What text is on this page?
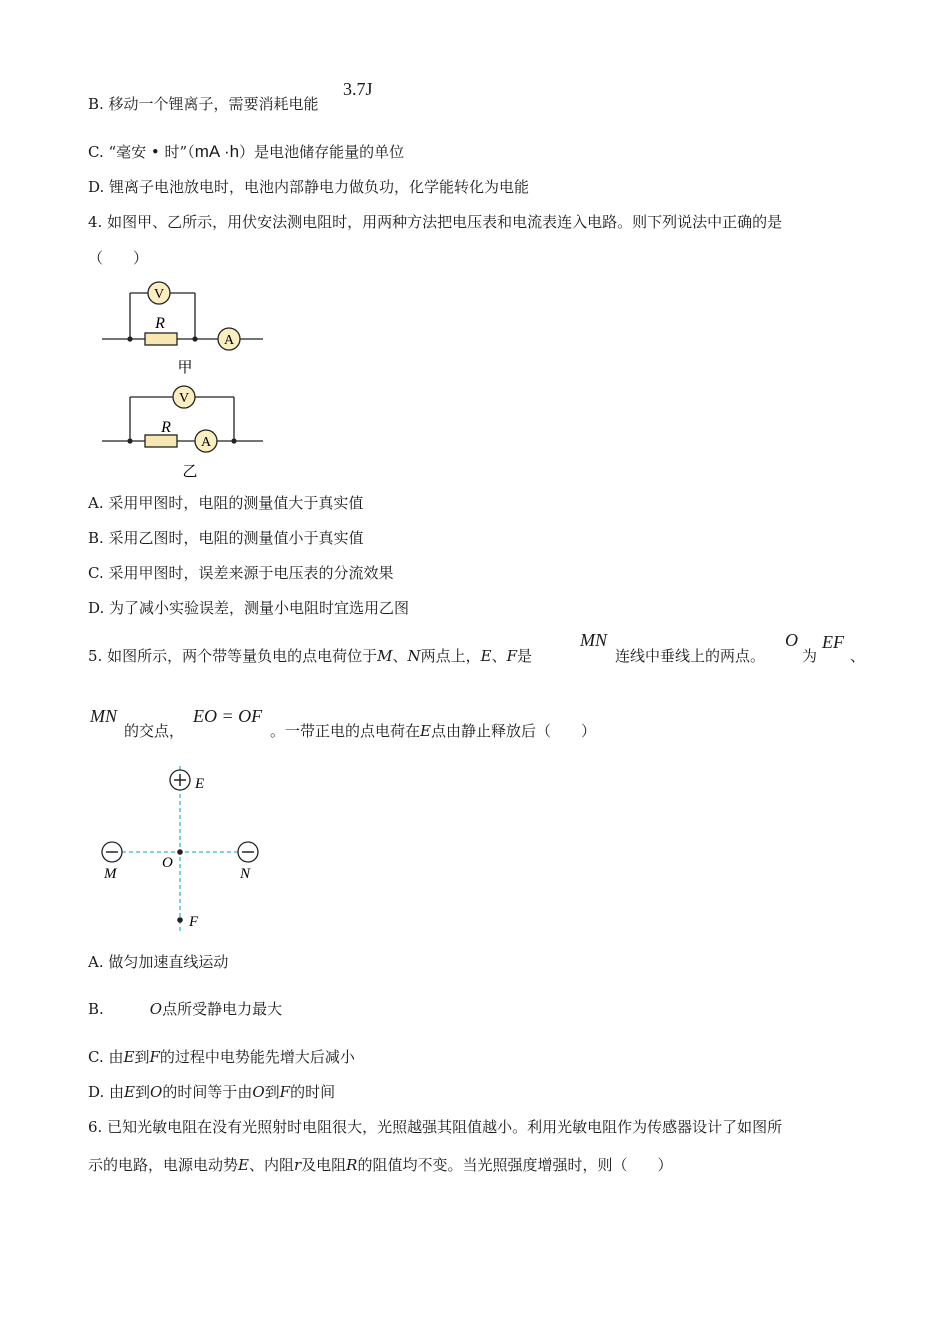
B. 移动一个锂离子，需要消耗电能
3.7J
C. “毫安 • 时”（mA ·h）是电池储存能量的单位
D. 锂离子电池放电时，电池内部静电力做负功，化学能转化为电能
4. 如图甲、乙所示，用伏安法测电阻时，用两种方法把电压表和电流表连入电路。则下列说法中正确的是
（　　）
V
A
R
甲
V
A
R
乙
A. 采用甲图时，电阻的测量值大于真实值
B. 采用乙图时，电阻的测量值小于真实值
C. 采用甲图时，误差来源于电压表的分流效果
D. 为了减小实验误差，测量小电阻时宜选用乙图
5. 如图所示，两个带等量负电的点电荷位于M、N两点上，E、F是
MN
连线中垂线上的两点。
O
为
EF
、
MN
的交点，
EO = OF
。一带正电的点电荷在E点由静止释放后（　　）
E
M	N
O
F
A. 做匀加速直线运动
B.	O点所受静电力最大
C. 由E到F的过程中电势能先增大后减小
D. 由E到O的时间等于由O到F的时间
6. 已知光敏电阻在没有光照射时电阻很大，光照越强其阻值越小。利用光敏电阻作为传感器设计了如图所
示的电路，电源电动势E、内阻r及电阻R的阻值均不变。当光照强度增强时，则（　　）
